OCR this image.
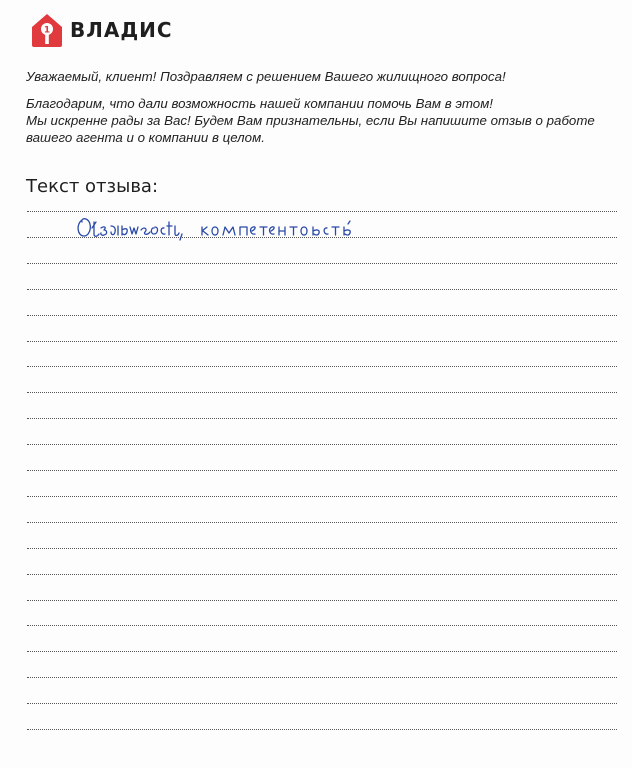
1 ВЛАДИС

Уважаемый, клиент! Поздравляем с решением Вашего жилищного вопроса!

Благодарим, что дали возможность нашей компании помочь Вам в этом!

Мы искренне рады за Вас! Будем Вам признательны, если Вы напишите отзыв о работе

вашего агента и о компании в целом.

Текст отзыва:
